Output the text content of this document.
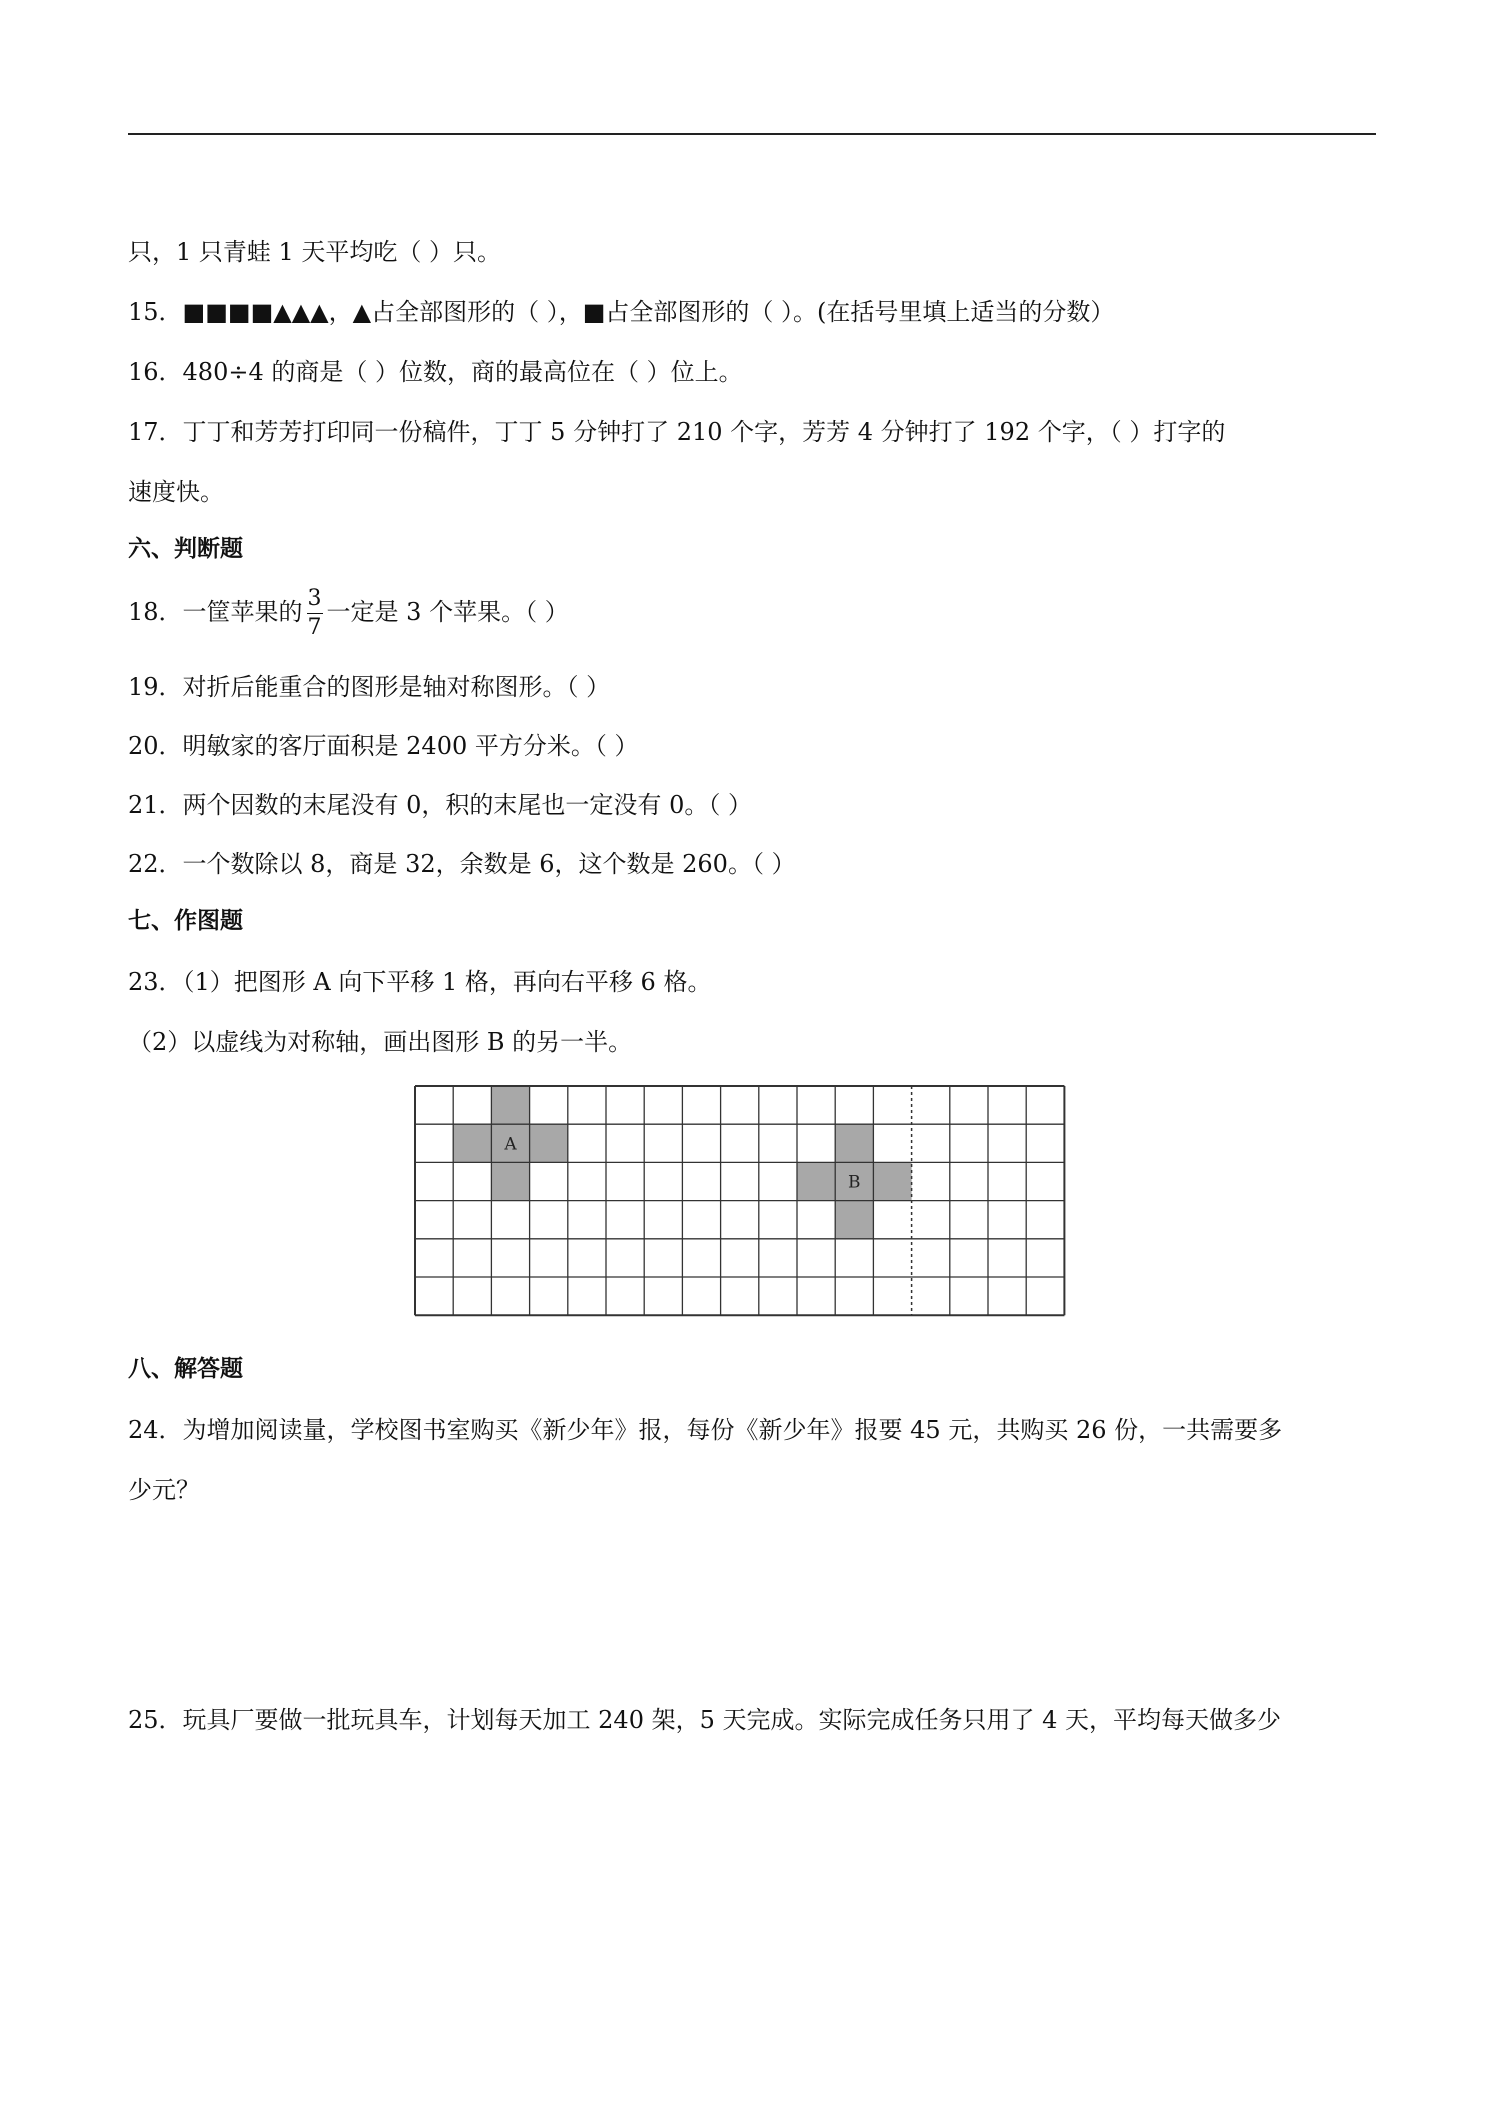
只，1 只青蛙 1 天平均吃（ ）只。
15．■■■■▲▲▲，▲占全部图形的（ ），■占全部图形的（ ）。(在括号里填上适当的分数）
16．480÷4 的商是（ ）位数，商的最高位在（ ）位上。
17．丁丁和芳芳打印同一份稿件，丁丁 5 分钟打了 210 个字，芳芳 4 分钟打了 192 个字，（ ）打字的
速度快。
六、判断题
18．一筐苹果的 $\frac{3}{7}$ 一定是 3 个苹果。（ ）
19．对折后能重合的图形是轴对称图形。（ ）
20．明敏家的客厅面积是 2400 平方分米。（ ）
21．两个因数的末尾没有 0，积的末尾也一定没有 0。（ ）
22．一个数除以 8，商是 32，余数是 6，这个数是 260。（ ）
七、作图题
23．（1）把图形 A 向下平移 1 格，再向右平移 6 格。
（2）以虚线为对称轴，画出图形 B 的另一半。
A
B
八、解答题
24．为增加阅读量，学校图书室购买《新少年》报，每份《新少年》报要 45 元，共购买 26 份，一共需要多
少元？
25．玩具厂要做一批玩具车，计划每天加工 240 架，5 天完成。实际完成任务只用了 4 天，平均每天做多少
